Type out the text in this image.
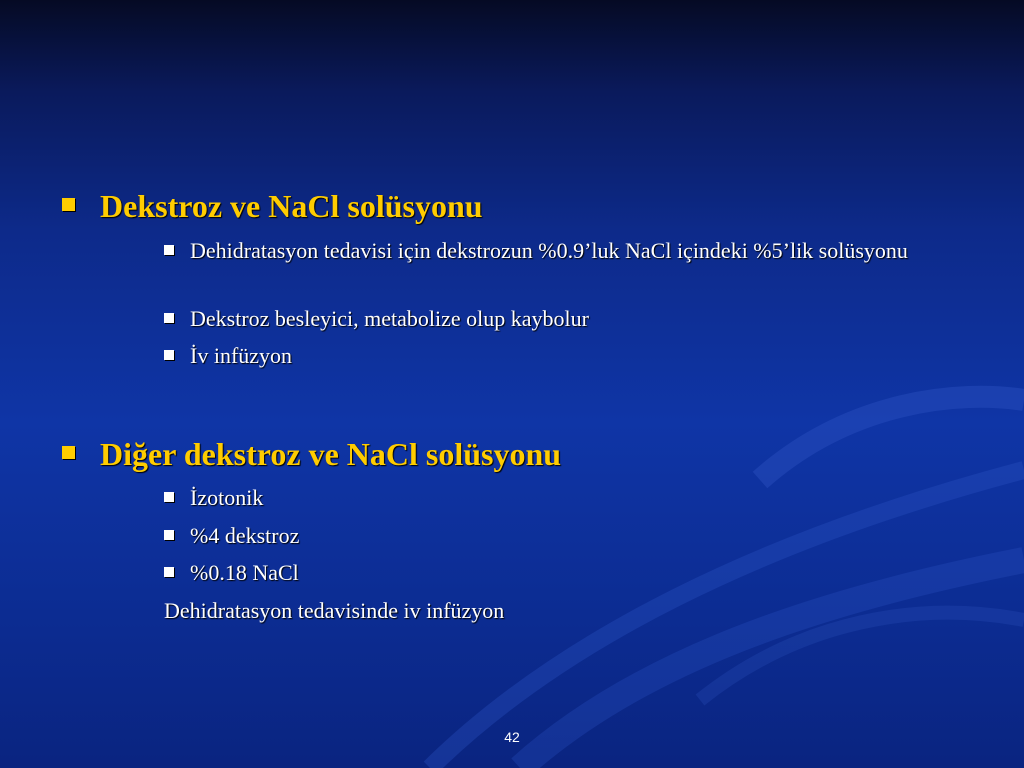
Dekstroz ve NaCl solüsyonu
Dehidratasyon tedavisi için dekstrozun %0.9’luk NaCl içindeki %5’lik solüsyonu
Dekstroz besleyici, metabolize olup kaybolur
İv infüzyon
Diğer dekstroz ve NaCl solüsyonu
İzotonik
%4 dekstroz
%0.18 NaCl
Dehidratasyon tedavisinde iv infüzyon
42
